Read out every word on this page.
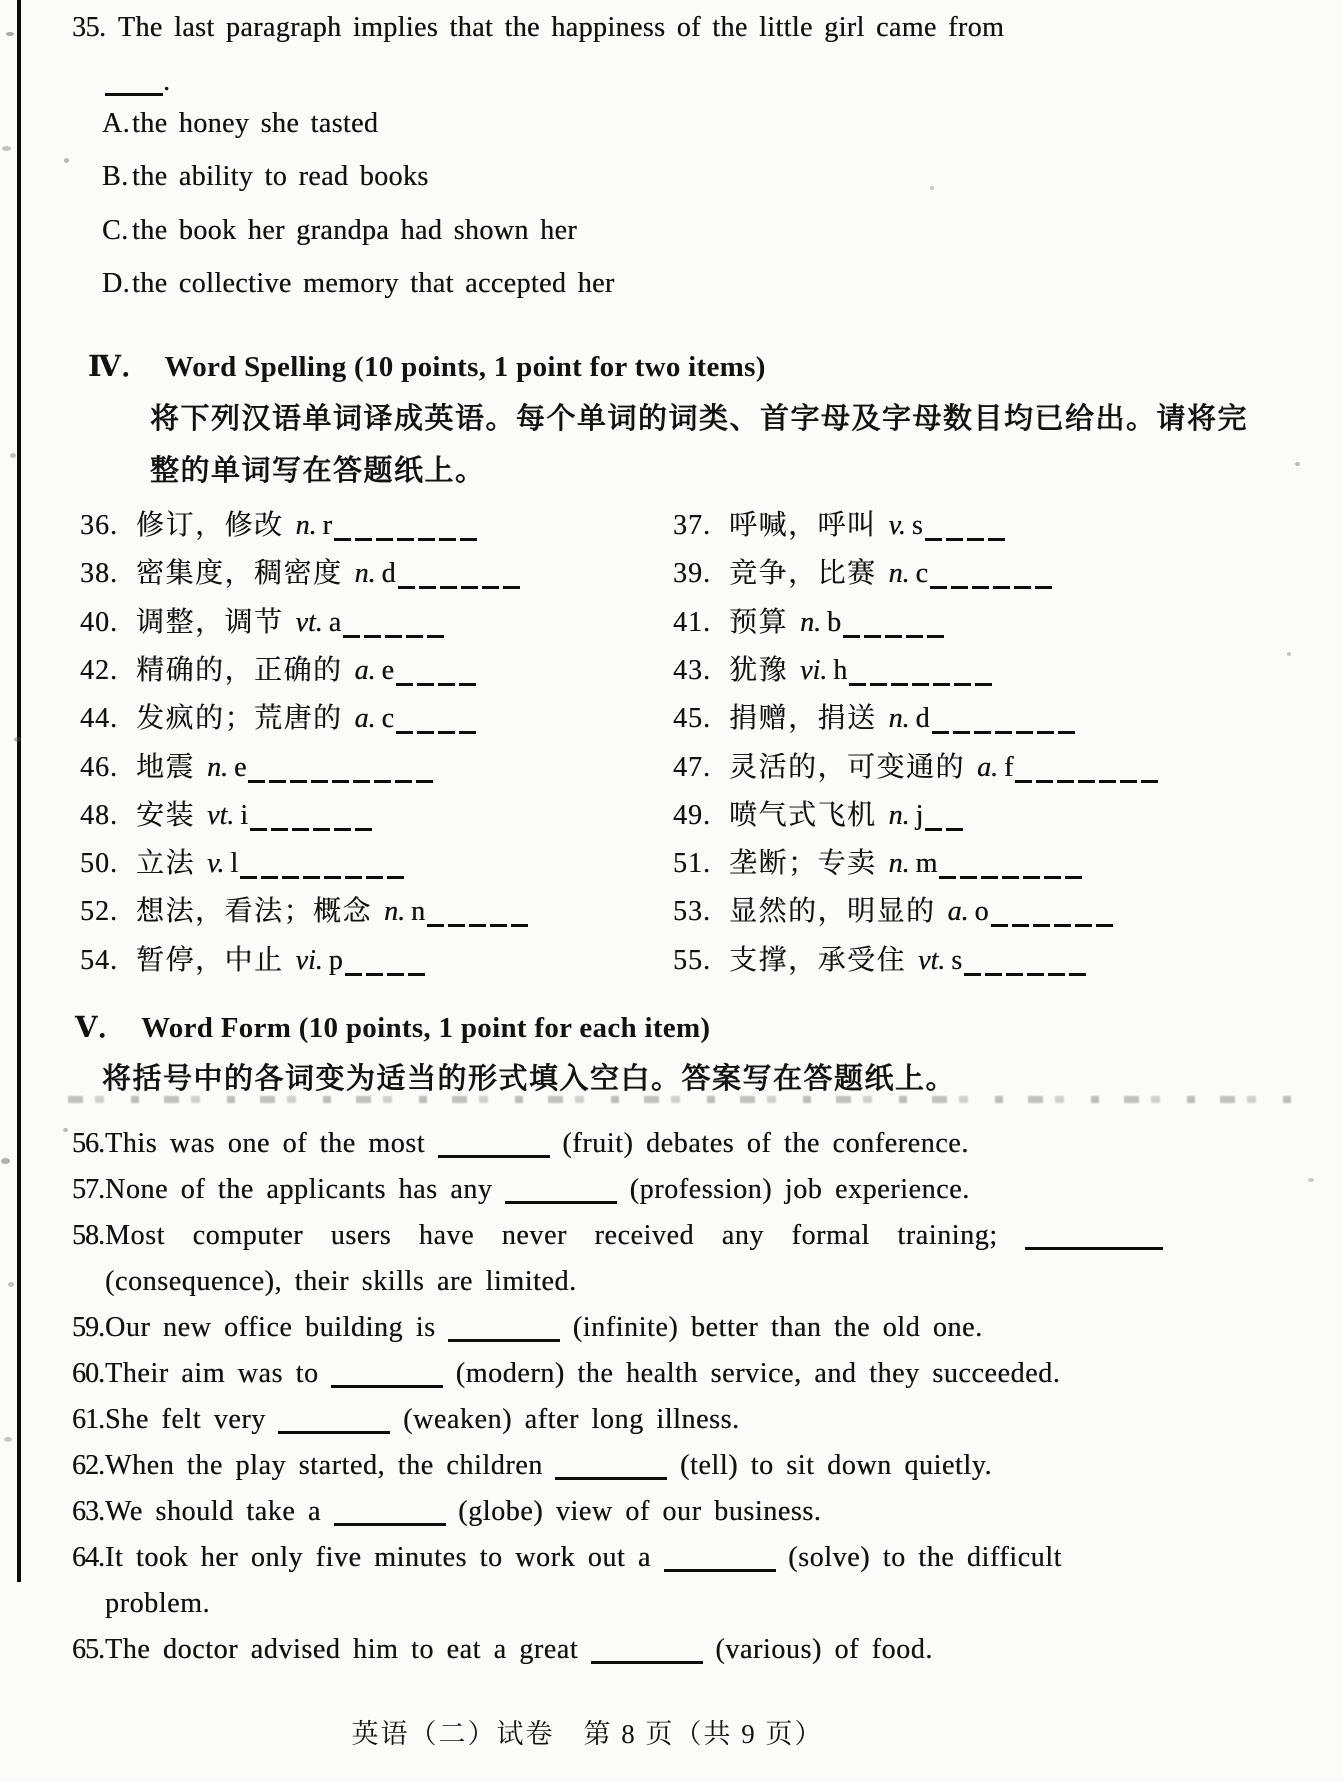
35. The last paragraph implies that the happiness of the little girl came from
.
A.the honey she tasted
B. the ability to read books
C. the book her grandpa had shown her
D.the collective memory that accepted her
Ⅳ． Word Spelling (10 points, 1 point for two items)
将下列汉语单词译成英语。每个单词的词类、首字母及字母数目均已给出。请将完
整的单词写在答题纸上。
36. 修订，修改 n. r	37. 呼喊，呼叫 v. s
38. 密集度，稠密度 n. d	39. 竞争，比赛 n. c
40. 调整，调节 vt. a	41. 预算 n. b
42. 精确的，正确的 a. e	43. 犹豫 vi. h
44. 发疯的；荒唐的 a. c	45. 捐赠，捐送 n. d
46. 地震 n. e	47. 灵活的，可变通的 a. f
48. 安装 vt. i	49. 喷气式飞机 n. j
50. 立法 v. l	51. 垄断；专卖 n. m
52. 想法，看法；概念 n. n	53. 显然的，明显的 a. o
54. 暂停，中止 vi. p	55. 支撑，承受住 vt. s
Ⅴ． Word Form (10 points, 1 point for each item)
将括号中的各词变为适当的形式填入空白。答案写在答题纸上。
56.This was one of the most	(fruit) debates of the conference.
57.None of the applicants has any	(profession) job experience.
58.Most computer users have never received any formal training;
(consequence), their skills are limited.
59.Our new office building is	(infinite) better than the old one.
60.Their aim was to	(modern) the health service, and they succeeded.
61.She felt very	(weaken) after long illness.
62.When the play started, the children	(tell) to sit down quietly.
63.We should take a	(globe) view of our business.
64.It took her only five minutes to work out a	(solve) to the difficult
problem.
65.The doctor advised him to eat a great	(various) of food.
英语（二）试卷　第 8 页（共 9 页）
